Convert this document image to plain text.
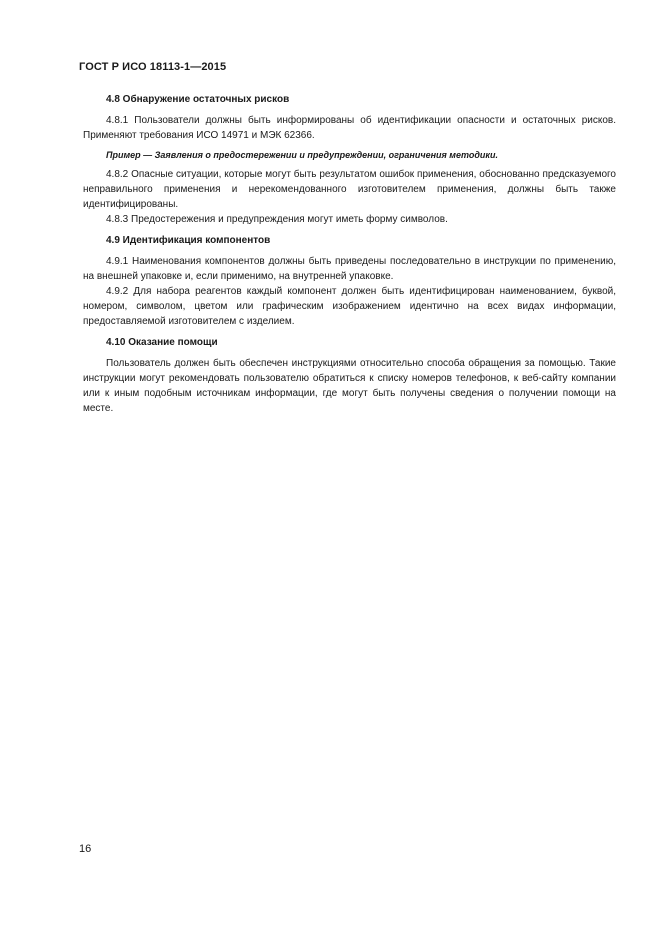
ГОСТ Р ИСО 18113-1—2015

4.8 Обнаружение остаточных рисков

4.8.1 Пользователи должны быть информированы об идентификации опасности и остаточных рисков. Применяют требования ИСО 14971 и МЭК 62366.

Пример — Заявления о предостережении и предупреждении, ограничения методики.

4.8.2 Опасные ситуации, которые могут быть результатом ошибок применения, обоснованно предсказуемого неправильного применения и нерекомендованного изготовителем применения, должны быть также идентифицированы.

4.8.3 Предостережения и предупреждения могут иметь форму символов.

4.9 Идентификация компонентов

4.9.1 Наименования компонентов должны быть приведены последовательно в инструкции по применению, на внешней упаковке и, если применимо, на внутренней упаковке.

4.9.2 Для набора реагентов каждый компонент должен быть идентифицирован наименованием, буквой, номером, символом, цветом или графическим изображением идентично на всех видах информации, предоставляемой изготовителем с изделием.

4.10 Оказание помощи

Пользователь должен быть обеспечен инструкциями относительно способа обращения за помощью. Такие инструкции могут рекомендовать пользователю обратиться к списку номеров телефонов, к веб-сайту компании или к иным подобным источникам информации, где могут быть получены сведения о получении помощи на месте.

16
